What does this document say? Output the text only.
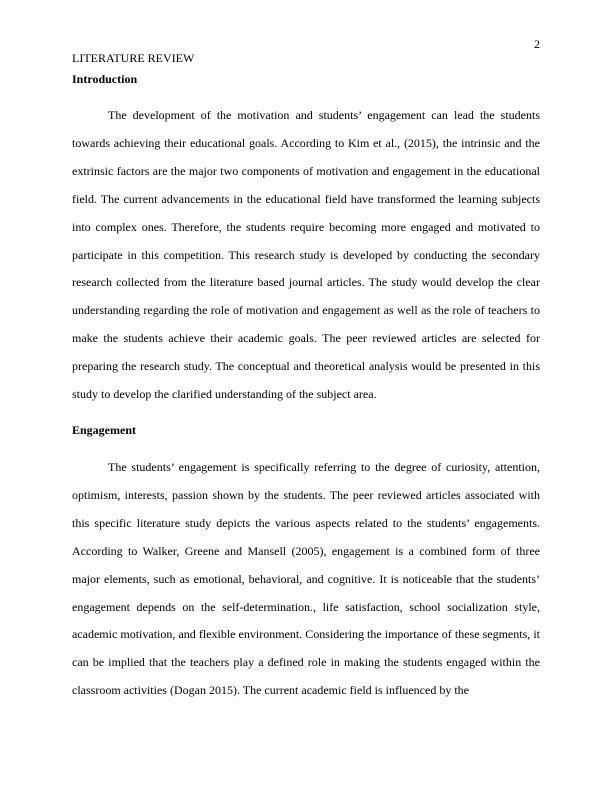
2
LITERATURE REVIEW
Introduction

The development of the motivation and students’ engagement can lead the students towards achieving their educational goals. According to Kim et al., (2015), the intrinsic and the extrinsic factors are the major two components of motivation and engagement in the educational field. The current advancements in the educational field have transformed the learning subjects into complex ones. Therefore, the students require becoming more engaged and motivated to participate in this competition. This research study is developed by conducting the secondary research collected from the literature based journal articles. The study would develop the clear understanding regarding the role of motivation and engagement as well as the role of teachers to make the students achieve their academic goals. The peer reviewed articles are selected for preparing the research study. The conceptual and theoretical analysis would be presented in this study to develop the clarified understanding of the subject area.

Engagement

The students’ engagement is specifically referring to the degree of curiosity, attention, optimism, interests, passion shown by the students. The peer reviewed articles associated with this specific literature study depicts the various aspects related to the students’ engagements. According to Walker, Greene and Mansell (2005), engagement is a combined form of three major elements, such as emotional, behavioral, and cognitive. It is noticeable that the students’ engagement depends on the self-determination., life satisfaction, school socialization style, academic motivation, and flexible environment. Considering the importance of these segments, it can be implied that the teachers play a defined role in making the students engaged within the classroom activities (Dogan 2015). The current academic field is influenced by the
